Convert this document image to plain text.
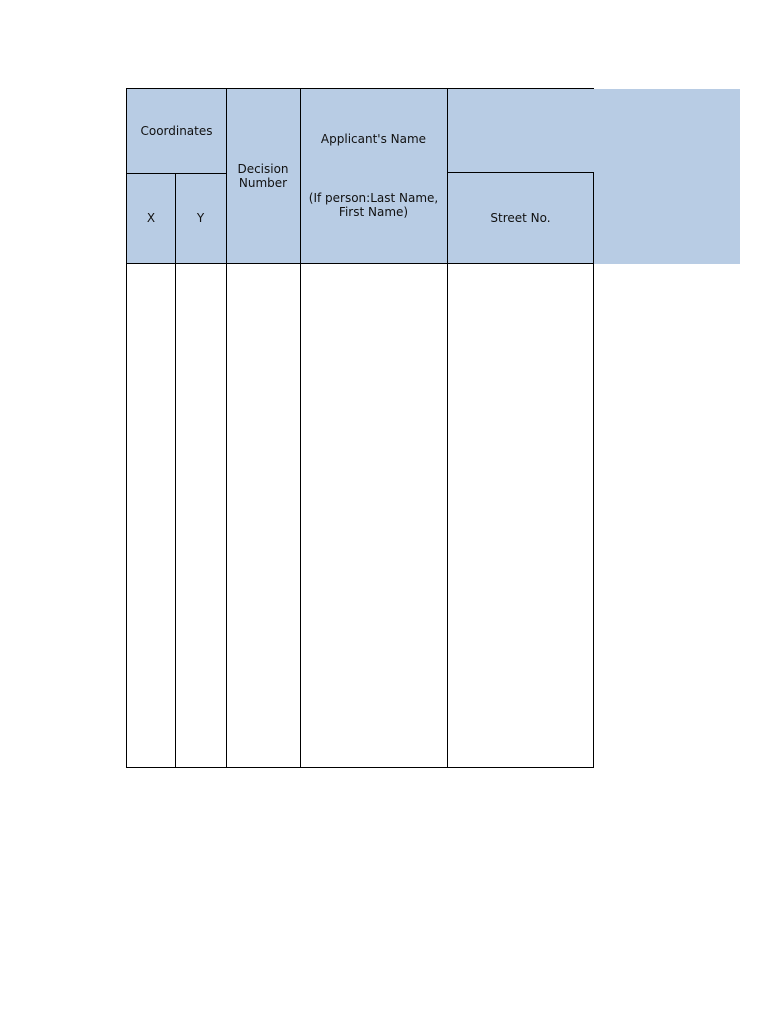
Coordinates
X	Y
Decision
Number
Applicant's Name
(If person:Last Name,
First Name)	Street No.
